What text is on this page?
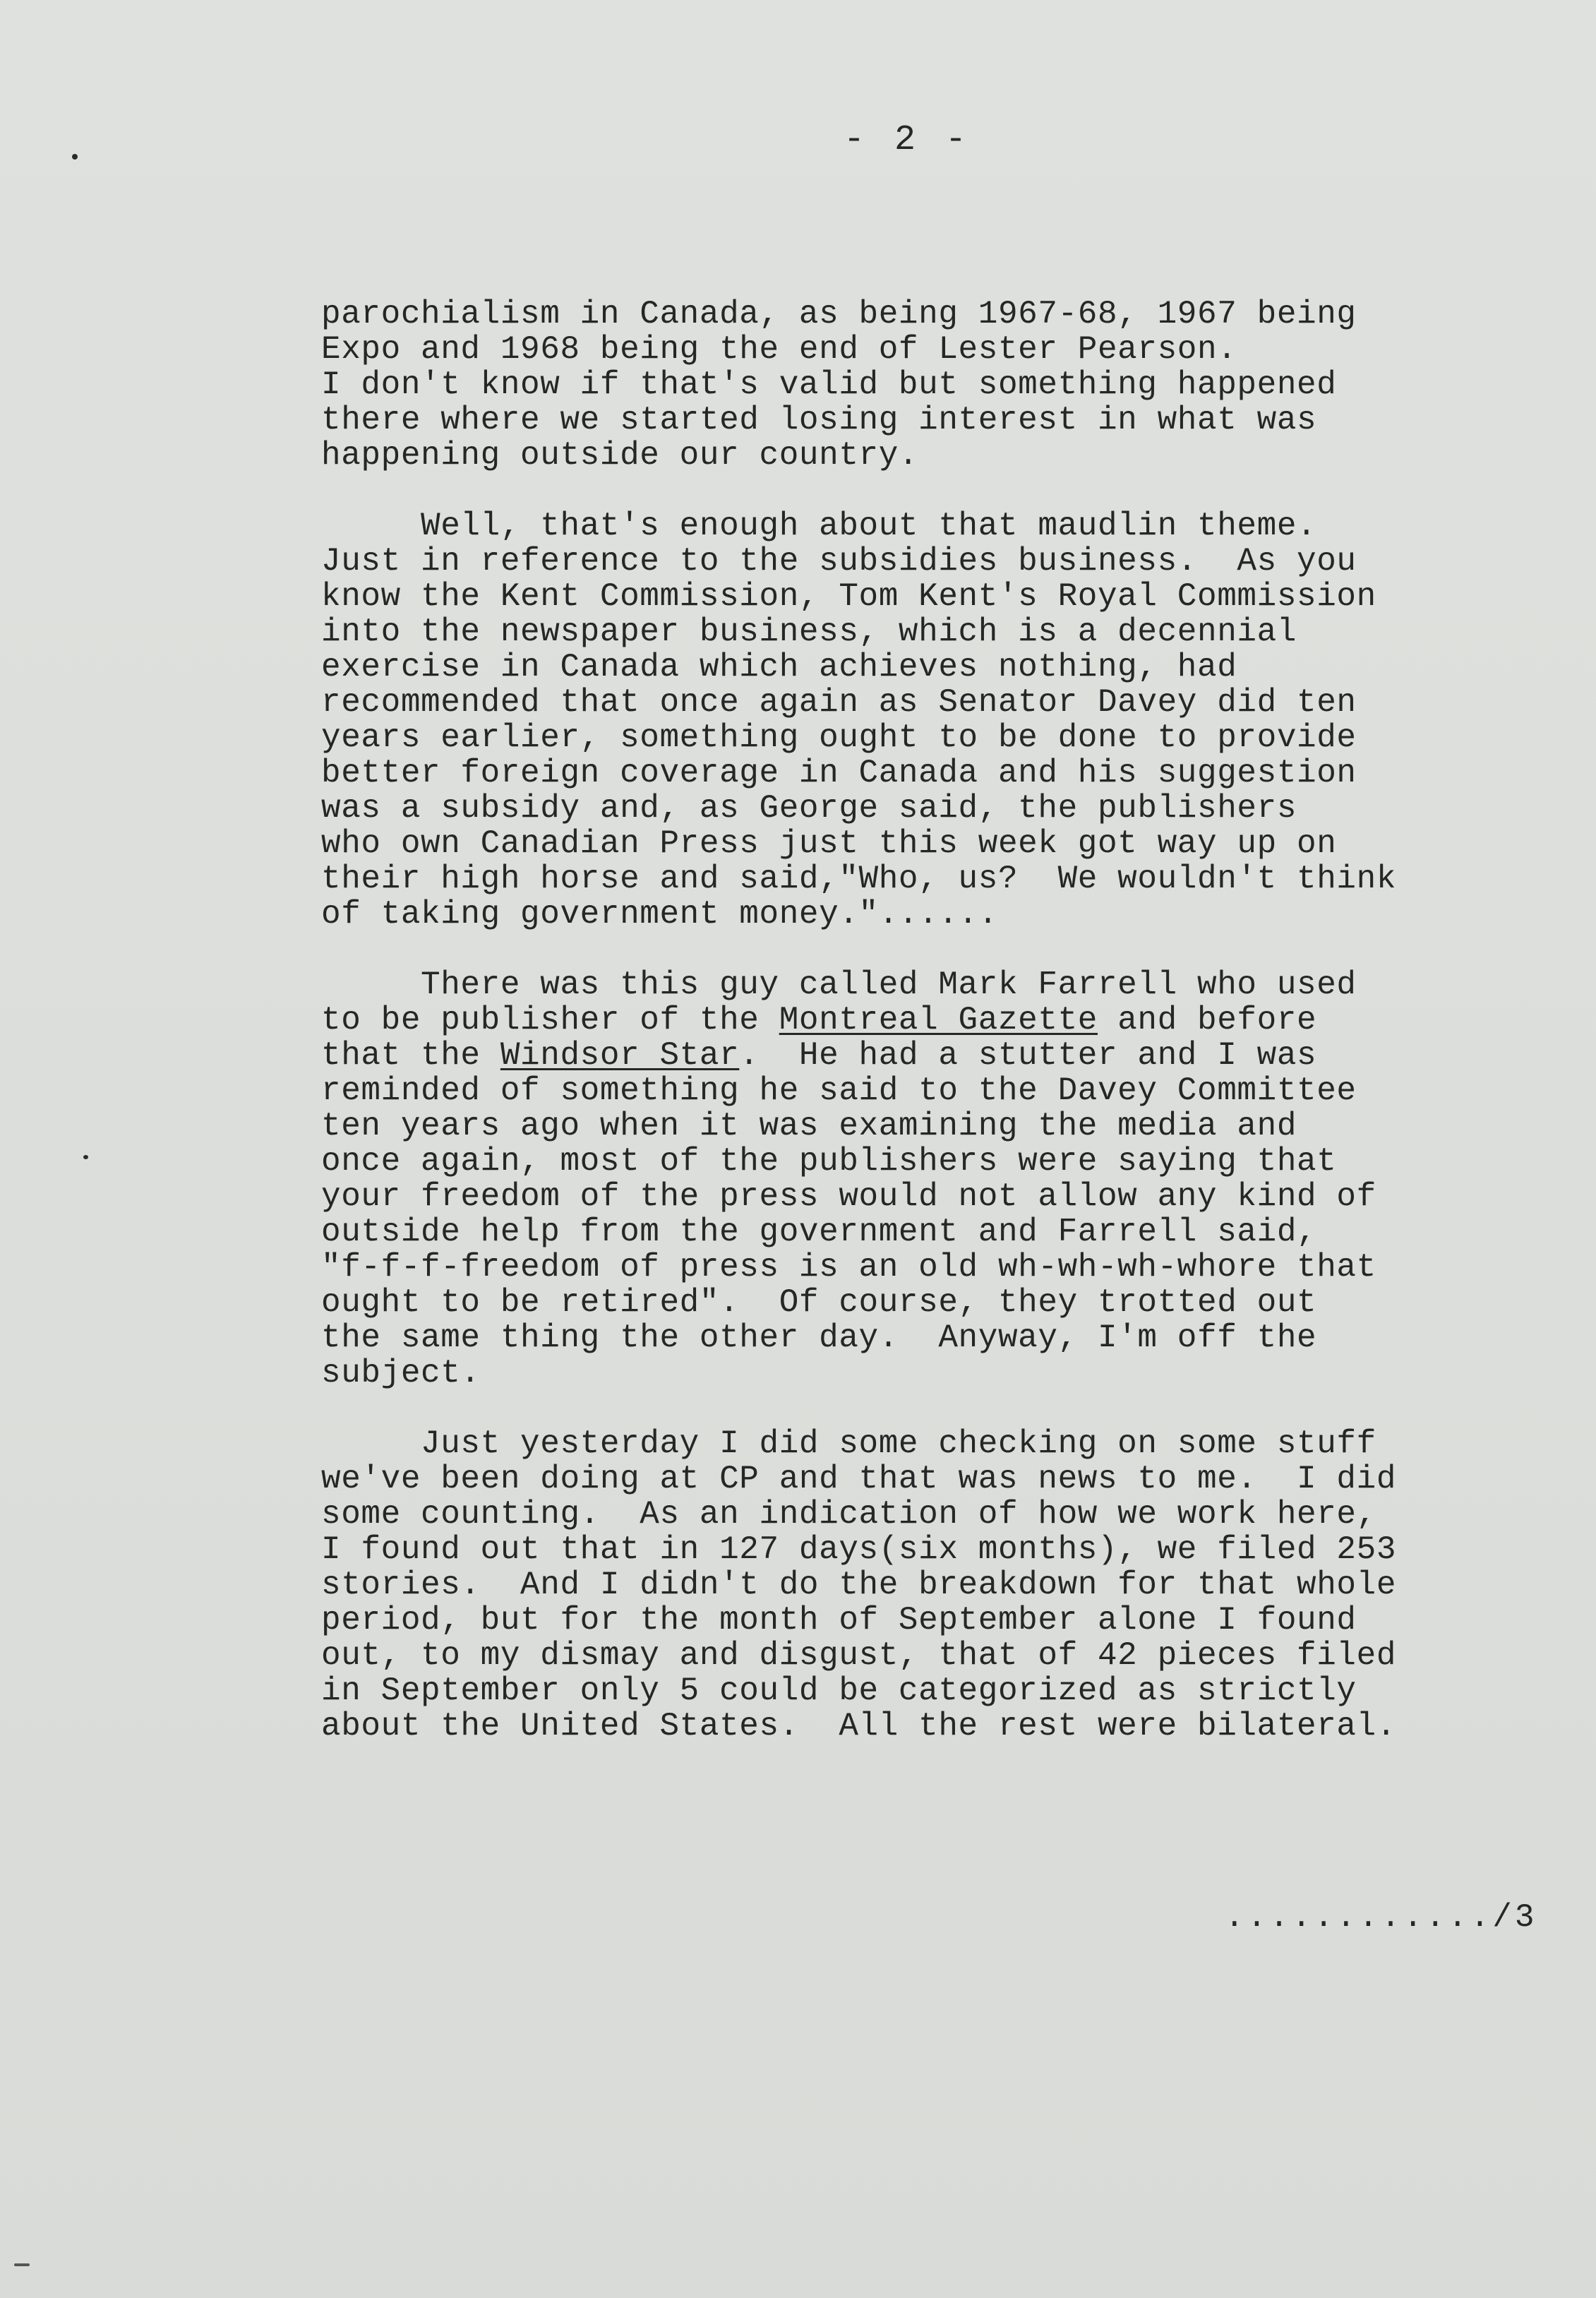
- 2 -
parochialism in Canada, as being 1967-68, 1967 being
Expo and 1968 being the end of Lester Pearson.
I don't know if that's valid but something happened
there where we started losing interest in what was
happening outside our country.
Well, that's enough about that maudlin theme.
Just in reference to the subsidies business.  As you
know the Kent Commission, Tom Kent's Royal Commission
into the newspaper business, which is a decennial
exercise in Canada which achieves nothing, had
recommended that once again as Senator Davey did ten
years earlier, something ought to be done to provide
better foreign coverage in Canada and his suggestion
was a subsidy and, as George said, the publishers
who own Canadian Press just this week got way up on
their high horse and said,"Who, us?  We wouldn't think
of taking government money."......
There was this guy called Mark Farrell who used
to be publisher of the Montreal Gazette and before
that the Windsor Star.  He had a stutter and I was
reminded of something he said to the Davey Committee
ten years ago when it was examining the media and
once again, most of the publishers were saying that
your freedom of the press would not allow any kind of
outside help from the government and Farrell said,
"f-f-f-freedom of press is an old wh-wh-wh-whore that
ought to be retired".  Of course, they trotted out
the same thing the other day.  Anyway, I'm off the
subject.
Just yesterday I did some checking on some stuff
we've been doing at CP and that was news to me.  I did
some counting.  As an indication of how we work here,
I found out that in 127 days(six months), we filed 253
stories.  And I didn't do the breakdown for that whole
period, but for the month of September alone I found
out, to my dismay and disgust, that of 42 pieces filed
in September only 5 could be categorized as strictly
about the United States.  All the rest were bilateral.
............/3
